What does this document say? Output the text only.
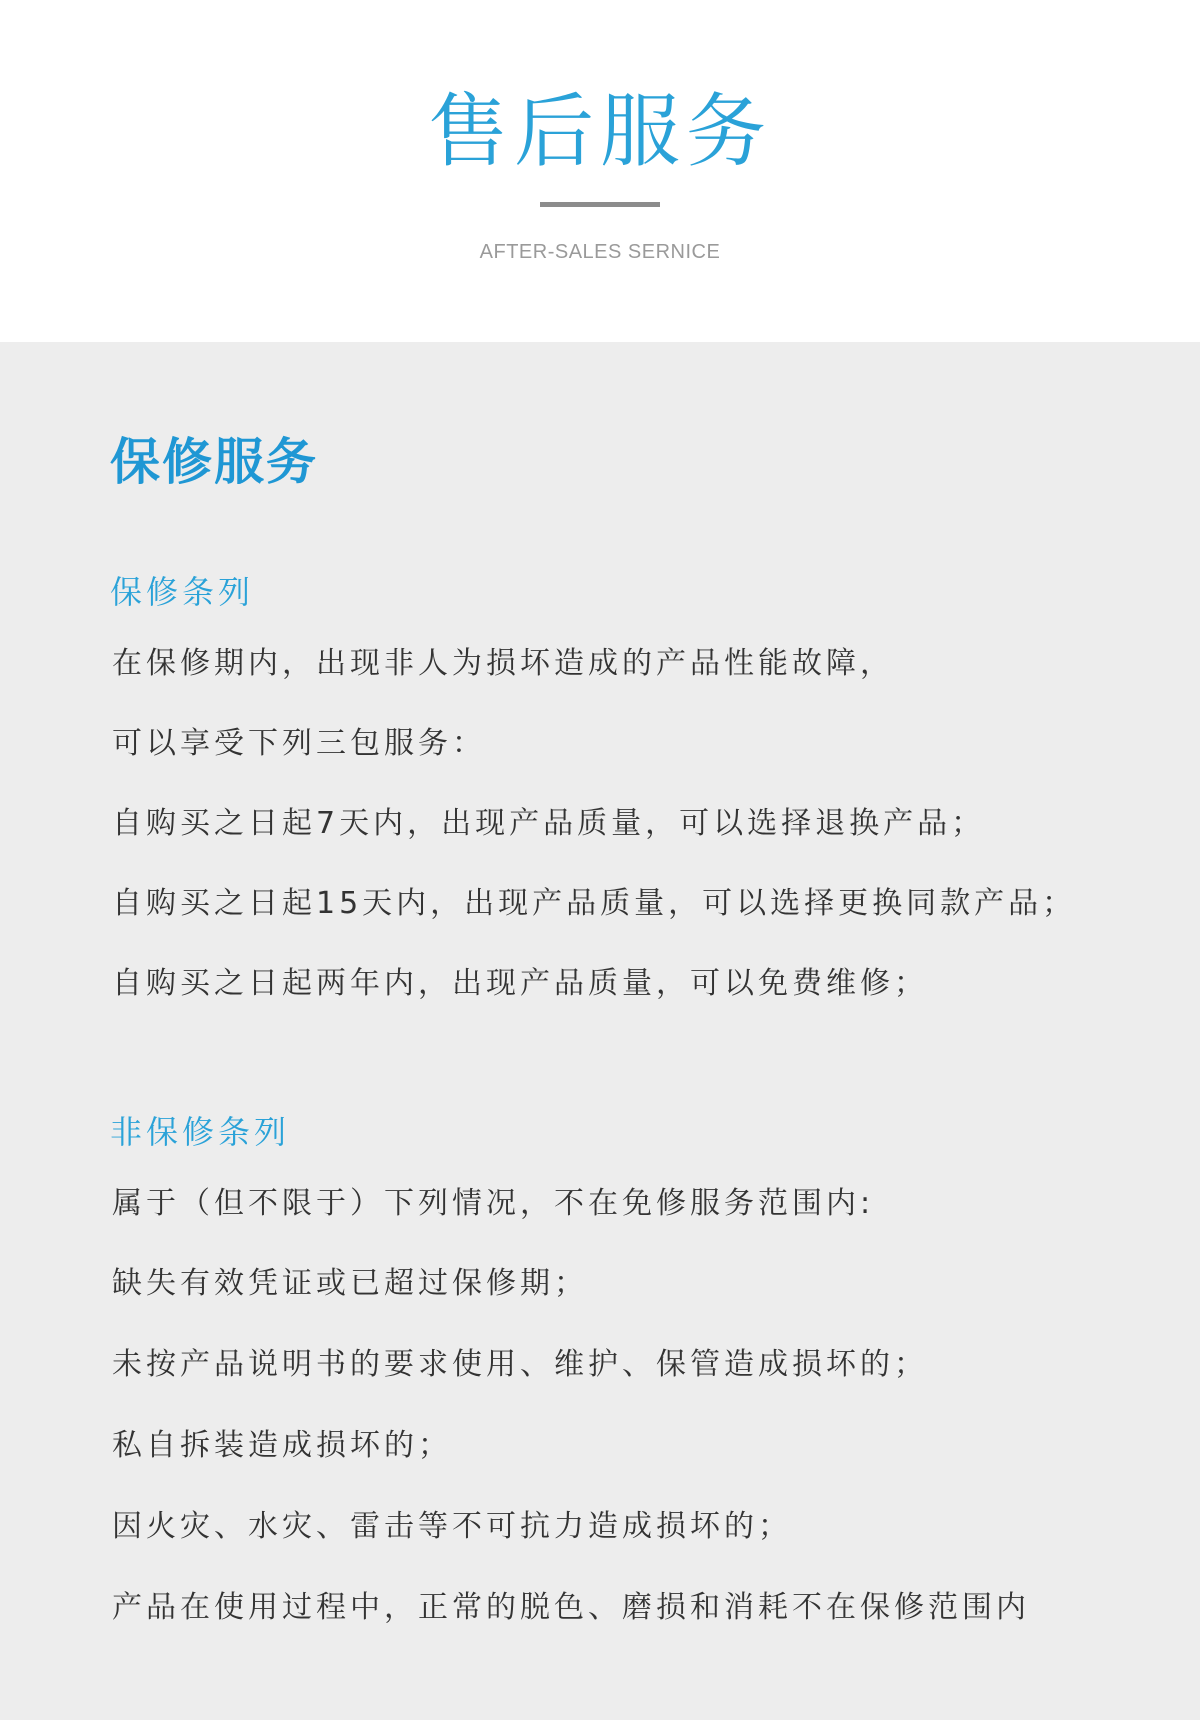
售后服务
AFTER-SALES SERNICE
保修服务
保修条列

在保修期内，出现非人为损坏造成的产品性能故障，

可以享受下列三包服务：

自购买之日起7天内，出现产品质量，可以选择退换产品；

自购买之日起15天内，出现产品质量，可以选择更换同款产品；

自购买之日起两年内，出现产品质量，可以免费维修；

非保修条列

属于（但不限于）下列情况，不在免修服务范围内:

缺失有效凭证或已超过保修期；

未按产品说明书的要求使用、维护、保管造成损坏的；

私自拆装造成损坏的；

因火灾、水灾、雷击等不可抗力造成损坏的；

产品在使用过程中，正常的脱色、磨损和消耗不在保修范围内
